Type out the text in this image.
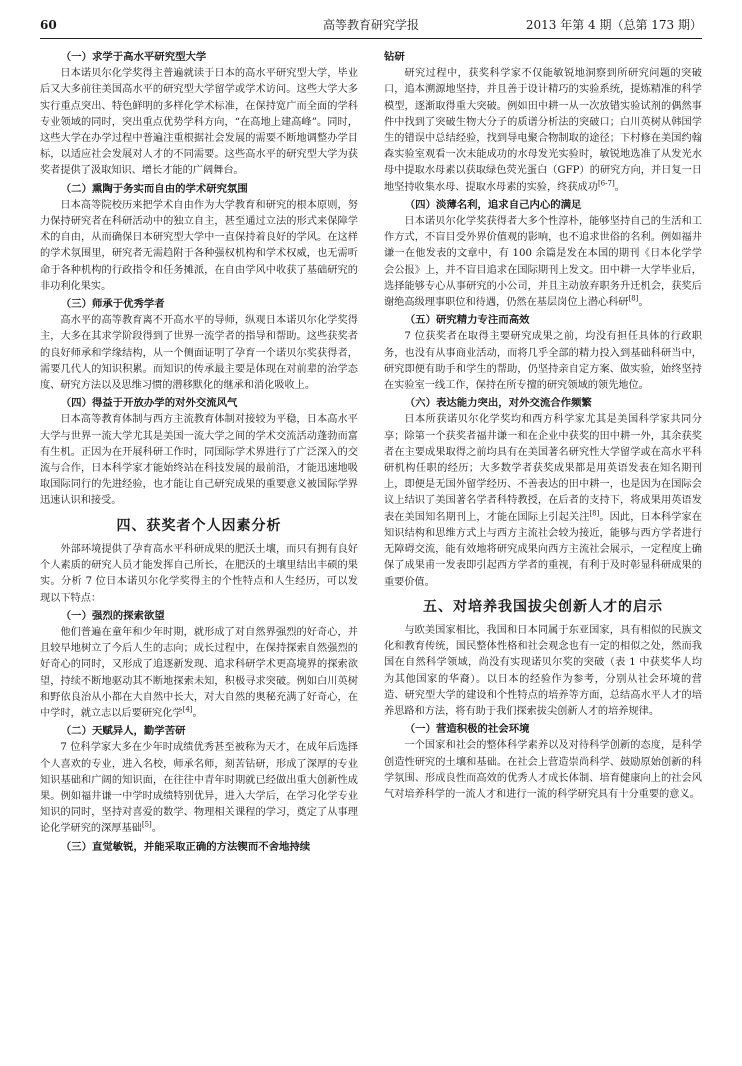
60	高等教育研究学报	2013 年第 4 期（总第 173 期）
（一）求学于高水平研究型大学

日本诺贝尔化学奖得主普遍就读于日本的高水平研究型大学，毕业后又大多前往美国高水平的研究型大学留学或学术访问。这些大学大多实行重点突出、特色鲜明的多样化学术标准，在保持宽广而全面的学科专业领域的同时，突出重点优势学科方向，“在高地上建高峰”。同时，这些大学在办学过程中普遍注重根据社会发展的需要不断地调整办学目标，以适应社会发展对人才的不同需要。这些高水平的研究型大学为获奖者提供了汲取知识、增长才能的广阔舞台。

（二）熏陶于务实而自由的学术研究氛围

日本高等院校历来把学术自由作为大学教育和研究的根本原则，努力保持研究者在科研活动中的独立自主，甚至通过立法的形式来保障学术的自由，从而确保日本研究型大学中一直保持着良好的学风。在这样的学术氛围里，研究者无需趋附于各种强权机构和学术权威，也无需听命于各种机构的行政指令和任务摊派，在自由学风中收获了基础研究的非功利化果实。

（三）师承于优秀学者

高水平的高等教育离不开高水平的导师，纵观日本诺贝尔化学奖得主，大多在其求学阶段得到了世界一流学者的指导和帮助。这些获奖者的良好师承和学缘结构，从一个侧面证明了孕育一个诺贝尔奖获得者，需要几代人的知识积累。而知识的传承最主要是体现在对前辈的治学态度、研究方法以及思维习惯的潜移默化的继承和消化吸收上。

（四）得益于开放办学的对外交流风气

日本高等教育体制与西方主流教育体制对接较为平稳，日本高水平大学与世界一流大学尤其是美国一流大学之间的学术交流活动蓬勃而富有生机。正因为在开展科研工作时，同国际学术界进行了广泛深入的交流与合作，日本科学家才能始终站在科技发展的最前沿，才能迅速地吸取国际同行的先进经验，也才能让自己研究成果的重要意义被国际学界迅速认识和接受。

四、获奖者个人因素分析

外部环境提供了孕育高水平科研成果的肥沃土壤，而只有拥有良好个人素质的研究人员才能发挥自己所长，在肥沃的土壤里结出丰硕的果实。分析 7 位日本诺贝尔化学奖得主的个性特点和人生经历，可以发现以下特点：

（一）强烈的探索欲望

他们普遍在童年和少年时期，就形成了对自然界强烈的好奇心，并且较早地树立了今后人生的志向；成长过程中，在保持探索自然强烈的好奇心的同时，又形成了追逐新发现、追求科研学术更高境界的探索欲望，持续不断地驱动其不断地探索未知，积极寻求突破。例如白川英树和野依良治从小都在大自然中长大，对大自然的奥秘充满了好奇心，在中学时，就立志以后要研究化学[4]。

（二）天赋异人，勤学苦研

7 位科学家大多在少年时成绩优秀甚至被称为天才，在成年后选择个人喜欢的专业，进入名校，师承名师，刻苦钻研，形成了深厚的专业知识基础和广阔的知识面，在往往中青年时期就已经做出重大创新性成果。例如福井谦一中学时成绩特别优异，进入大学后，在学习化学专业知识的同时，坚持对喜爱的数学、物理相关课程的学习，奠定了从事理论化学研究的深厚基础[5]。

（三）直觉敏锐，并能采取正确的方法锲而不舍地持续
钻研

研究过程中，获奖科学家不仅能敏锐地洞察到所研究问题的突破口，追本溯源地坚持，并且善于设计精巧的实验系统，提炼精准的科学模型，逐渐取得重大突破。例如田中耕一从一次放错实验试剂的偶然事件中找到了突破生物大分子的质谱分析法的突破口；白川英树从韩国学生的错误中总结经验，找到导电聚合物制取的途径；下村修在美国约翰森实验室观看一次未能成功的水母发光实验时，敏锐地选准了从发光水母中提取水母素以获取绿色荧光蛋白（GFP）的研究方向，并日复一日地坚持收集水母、提取水母素的实验，终获成功[6-7]。

（四）淡薄名利，追求自己内心的满足

日本诺贝尔化学奖获得者大多个性淳朴，能够坚持自己的生活和工作方式，不盲目受外界价值观的影响，也不追求世俗的名利。例如福井谦一在他发表的文章中，有 100 余篇是发在本国的期刊《日本化学学会公报》上，并不盲目追求在国际期刊上发文。田中耕一大学毕业后，选择能够专心从事研究的小公司，并且主动放弃职务升迁机会，获奖后谢绝高级理事职位和待遇，仍然在基层岗位上潜心科研[8]。

（五）研究精力专注而高效

7 位获奖者在取得主要研究成果之前，均没有担任具体的行政职务，也没有从事商业活动，而将几乎全部的精力投入到基础科研当中，研究即便有助手和学生的帮助，仍坚持亲自定方案、做实验，始终坚持在实验室一线工作，保持在所专擅的研究领域的领先地位。

（六）表达能力突出，对外交流合作频繁

日本所获诺贝尔化学奖均和西方科学家尤其是美国科学家共同分享；除第一个获奖者福井谦一和在企业中获奖的田中耕一外，其余获奖者在主要成果取得之前均具有在美国著名研究性大学留学或在高水平科研机构任职的经历；大多数学者获奖成果都是用英语发表在知名期刊上，即便是无国外留学经历、不善表达的田中耕一，也是因为在国际会议上结识了美国著名学者科特教授，在后者的支持下，将成果用英语发表在美国知名期刊上，才能在国际上引起关注[8]。因此，日本科学家在知识结构和思维方式上与西方主流社会较为接近，能够与西方学者进行无障碍交流，能有效地将研究成果向西方主流社会展示，一定程度上确保了成果甫一发表即引起西方学者的重视，有利于及时彰显科研成果的重要价值。

五、对培养我国拔尖创新人才的启示

与欧美国家相比，我国和日本同属于东亚国家，具有相似的民族文化和教育传统，国民整体性格和社会观念也有一定的相似之处，然而我国在自然科学领域，尚没有实现诺贝尔奖的突破（表 1 中获奖华人均为其他国家的华裔）。以日本的经验作为参考，分别从社会环境的营造、研究型大学的建设和个性特点的培养等方面，总结高水平人才的培养思路和方法，将有助于我们探索拔尖创新人才的培养规律。

（一）营造积极的社会环境

一个国家和社会的整体科学素养以及对待科学创新的态度，是科学创造性研究的土壤和基础。在社会上营造崇尚科学、鼓励原始创新的科学氛围、形成良性而高效的优秀人才成长体制、培育健康向上的社会风气对培养科学的一流人才和进行一流的科学研究具有十分重要的意义。
